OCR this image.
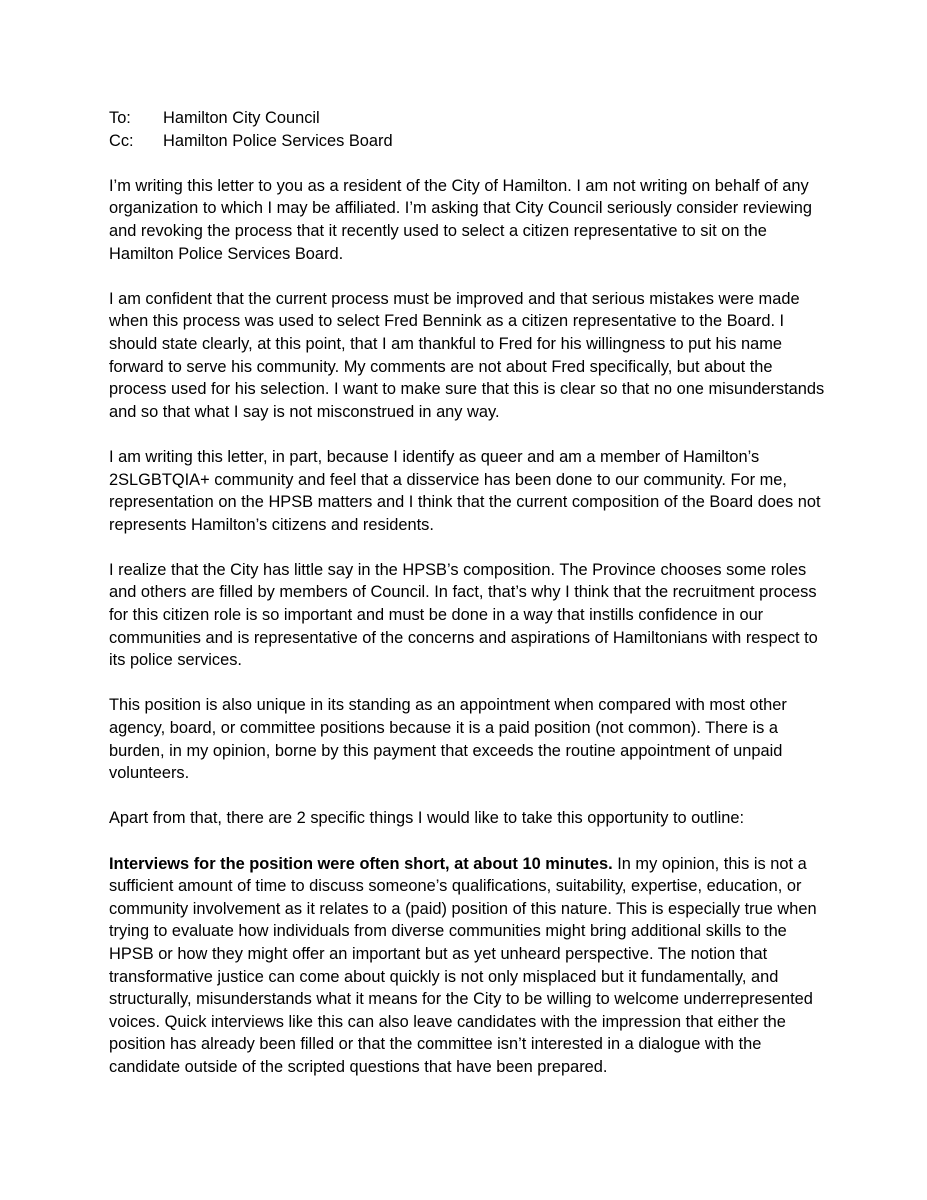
To:	Hamilton City Council
Cc:	Hamilton Police Services Board

I’m writing this letter to you as a resident of the City of Hamilton. I am not writing on behalf of any organization to which I may be affiliated. I’m asking that City Council seriously consider reviewing and revoking the process that it recently used to select a citizen representative to sit on the Hamilton Police Services Board.

I am confident that the current process must be improved and that serious mistakes were made when this process was used to select Fred Bennink as a citizen representative to the Board. I should state clearly, at this point, that I am thankful to Fred for his willingness to put his name forward to serve his community. My comments are not about Fred specifically, but about the process used for his selection. I want to make sure that this is clear so that no one misunderstands and so that what I say is not misconstrued in any way.

I am writing this letter, in part, because I identify as queer and am a member of Hamilton’s 2SLGBTQIA+ community and feel that a disservice has been done to our community. For me, representation on the HPSB matters and I think that the current composition of the Board does not represents Hamilton’s citizens and residents.

I realize that the City has little say in the HPSB’s composition. The Province chooses some roles and others are filled by members of Council. In fact, that’s why I think that the recruitment process for this citizen role is so important and must be done in a way that instills confidence in our communities and is representative of the concerns and aspirations of Hamiltonians with respect to its police services.

This position is also unique in its standing as an appointment when compared with most other agency, board, or committee positions because it is a paid position (not common). There is a burden, in my opinion, borne by this payment that exceeds the routine appointment of unpaid volunteers.

Apart from that, there are 2 specific things I would like to take this opportunity to outline:

Interviews for the position were often short, at about 10 minutes. In my opinion, this is not a sufficient amount of time to discuss someone’s qualifications, suitability, expertise, education, or community involvement as it relates to a (paid) position of this nature. This is especially true when trying to evaluate how individuals from diverse communities might bring additional skills to the HPSB or how they might offer an important but as yet unheard perspective. The notion that transformative justice can come about quickly is not only misplaced but it fundamentally, and structurally, misunderstands what it means for the City to be willing to welcome underrepresented voices. Quick interviews like this can also leave candidates with the impression that either the position has already been filled or that the committee isn’t interested in a dialogue with the candidate outside of the scripted questions that have been prepared.
